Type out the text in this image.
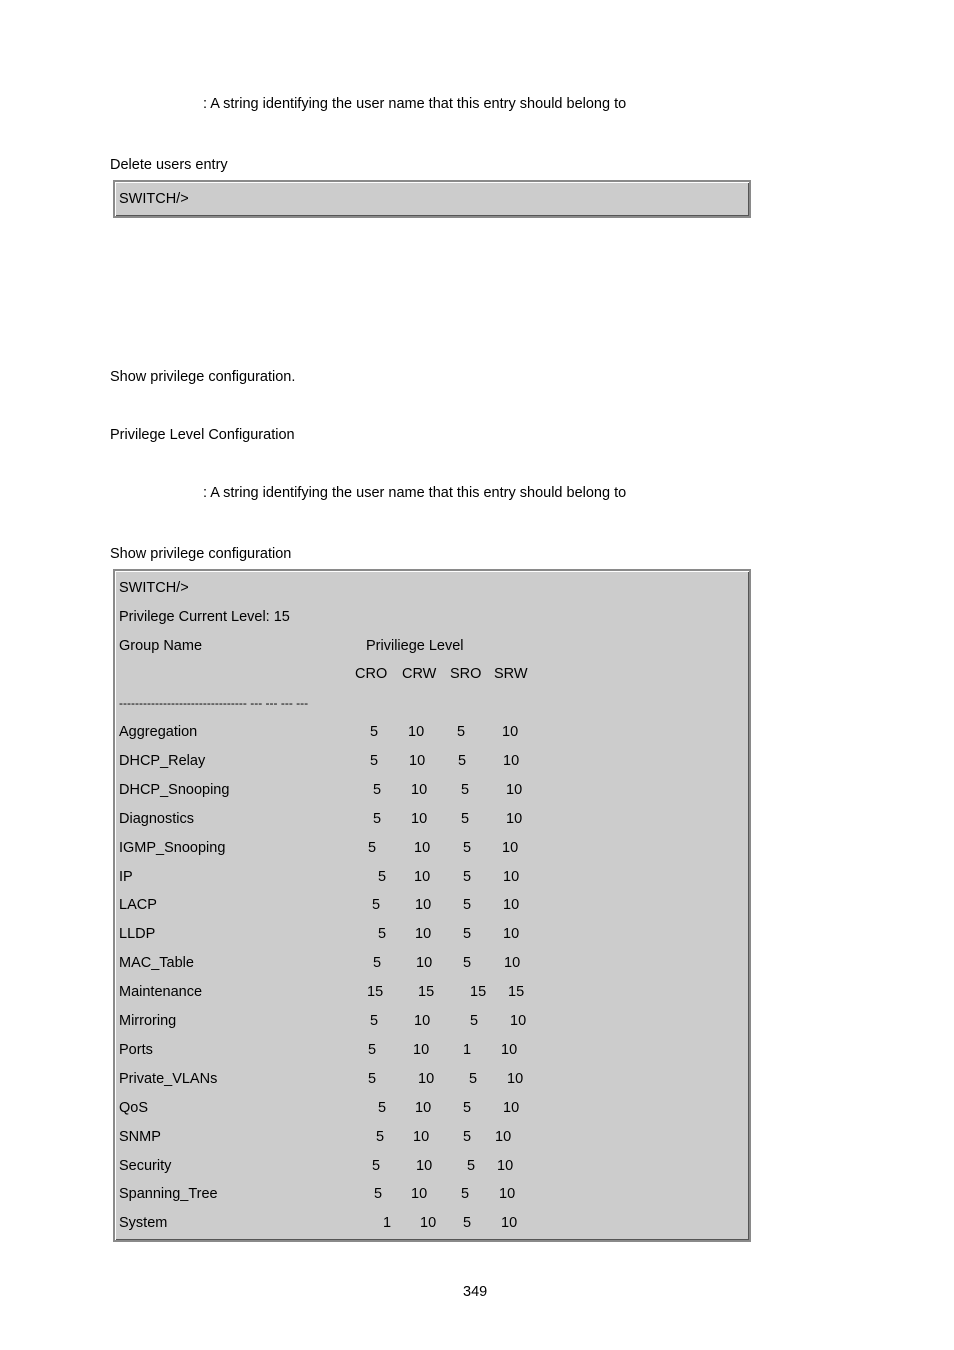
: A string identifying the user name that this entry should belong to
Delete users entry
SWITCH/>
Show privilege configuration.
Privilege Level Configuration
: A string identifying the user name that this entry should belong to
Show privilege configuration
SWITCH/>
Privilege Current Level: 15
Group Name	Priviliege Level
CRO CRW SRO SRW
-------------------------------- --- --- --- ---
Aggregation	5 10 5	10
DHCP_Relay	5 10 5	10
DHCP_Snooping	5 10 5	10
Diagnostics	5 10 5	10
IGMP_Snooping	5	10 5 10
IP	5 10 5 10
LACP	5 10 5 10
LLDP	5 10 5 10
MAC_Table	5 10 5 10
Maintenance	15 15 15 15
Mirroring	5 10	5 10
Ports	5	10 1 10
Private_VLANs	5	10 5 10
QoS	5 10 5 10
SNMP	5 10 5 10
Security	5 10 5 10
Spanning_Tree	5 10 5 10
System	1 10 5 10
349
